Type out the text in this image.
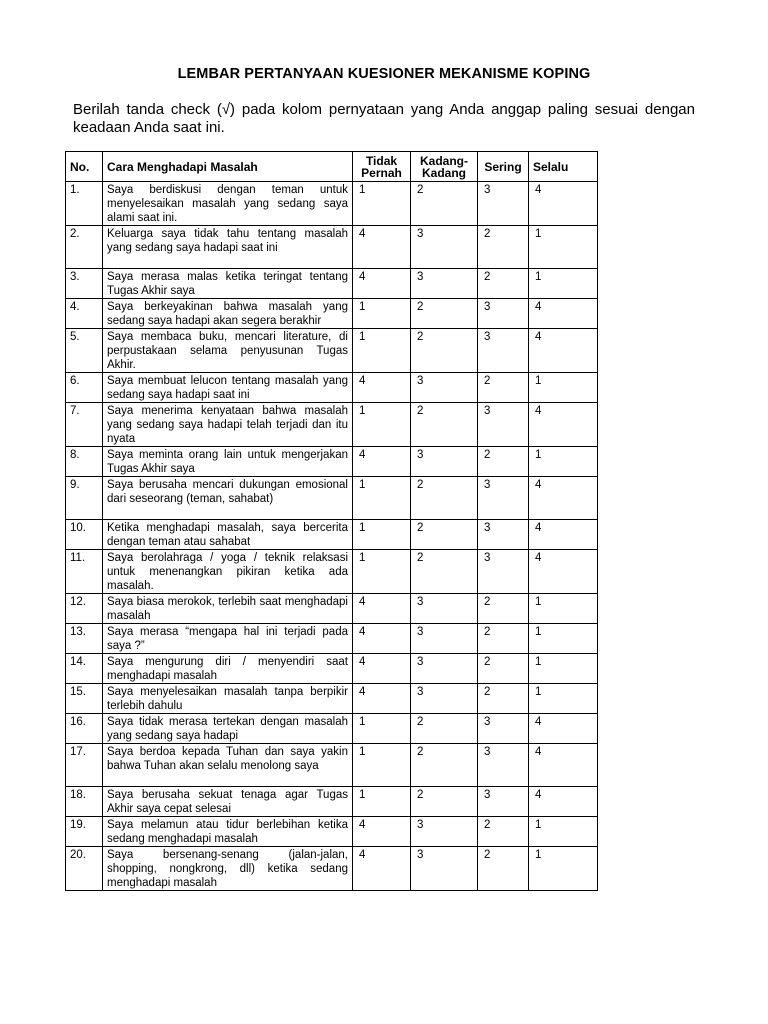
LEMBAR PERTANYAAN KUESIONER MEKANISME KOPING

Berilah tanda check (√) pada kolom pernyataan yang Anda anggap paling sesuai dengan keadaan Anda saat ini.

No.	Cara Menghadapi Masalah	Tidak Pernah	Kadang-Kadang	Sering	Selalu
1.	Saya berdiskusi dengan teman untuk menyelesaikan masalah yang sedang saya alami saat ini.	1	2	3	4
2.	Keluarga saya tidak tahu tentang masalah yang sedang saya hadapi saat ini	4	3	2	1
3.	Saya merasa malas ketika teringat tentang Tugas Akhir saya	4	3	2	1
4.	Saya berkeyakinan bahwa masalah yang sedang saya hadapi akan segera berakhir	1	2	3	4
5.	Saya membaca buku, mencari literature, di perpustakaan selama penyusunan Tugas Akhir.	1	2	3	4
6.	Saya membuat lelucon tentang masalah yang sedang saya hadapi saat ini	4	3	2	1
7.	Saya menerima kenyataan bahwa masalah yang sedang saya hadapi telah terjadi dan itu nyata	1	2	3	4
8.	Saya meminta orang lain untuk mengerjakan Tugas Akhir saya	4	3	2	1
9.	Saya berusaha mencari dukungan emosional dari seseorang (teman, sahabat)	1	2	3	4
10.	Ketika menghadapi masalah, saya bercerita dengan teman atau sahabat	1	2	3	4
11.	Saya berolahraga / yoga / teknik relaksasi untuk menenangkan pikiran ketika ada masalah.	1	2	3	4
12.	Saya biasa merokok, terlebih saat menghadapi masalah	4	3	2	1
13.	Saya merasa “mengapa hal ini terjadi pada saya ?”	4	3	2	1
14.	Saya mengurung diri / menyendiri saat menghadapi masalah	4	3	2	1
15.	Saya menyelesaikan masalah tanpa berpikir terlebih dahulu	4	3	2	1
16.	Saya tidak merasa tertekan dengan masalah yang sedang saya hadapi	1	2	3	4
17.	Saya berdoa kepada Tuhan dan saya yakin bahwa Tuhan akan selalu menolong saya	1	2	3	4
18.	Saya berusaha sekuat tenaga agar Tugas Akhir saya cepat selesai	1	2	3	4
19.	Saya melamun atau tidur berlebihan ketika sedang menghadapi masalah	4	3	2	1
20.	Saya bersenang-senang (jalan-jalan, shopping, nongkrong, dll) ketika sedang menghadapi masalah	4	3	2	1
